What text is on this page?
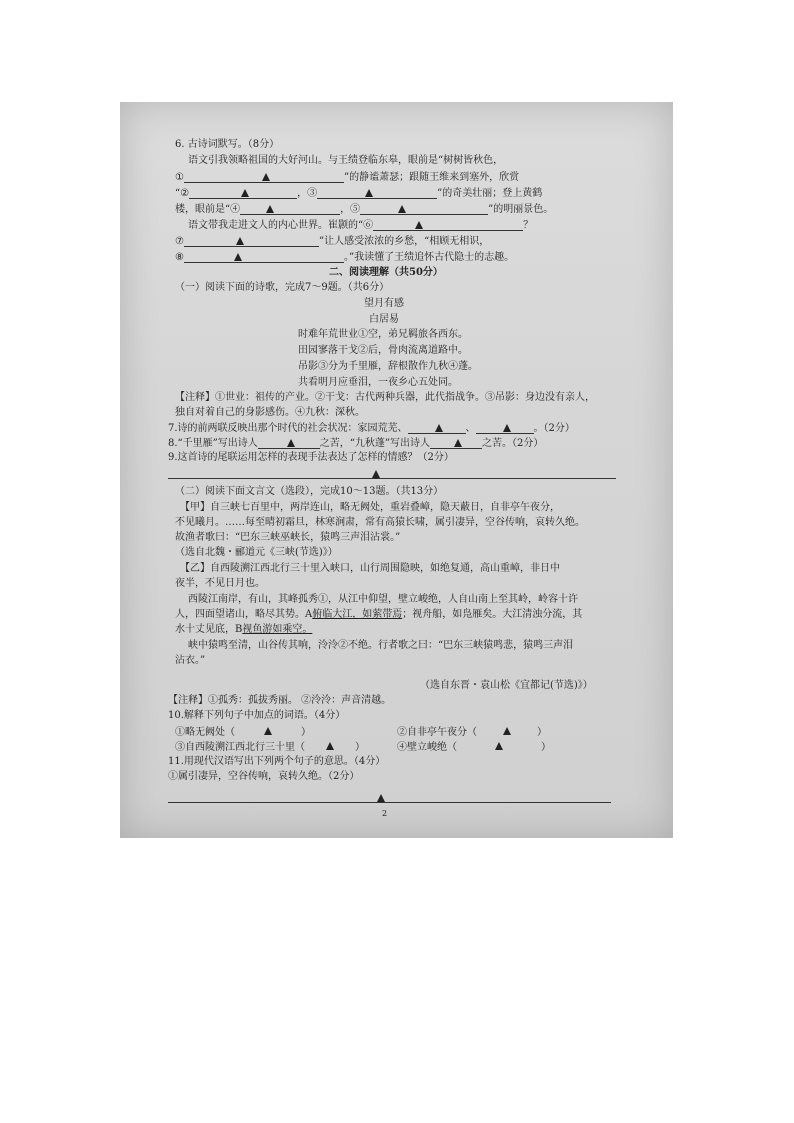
6. 古诗词默写。（8分）
语文引我领略祖国的大好河山。与王绩登临东皋，眼前是“树树皆秋色，
①	”的静谧萧瑟；跟随王维来到塞外，欣赏
“②	，③	”的奇美壮丽；登上黄鹤
楼，眼前是“④	，⑤	”的明丽景色。
语文带我走进文人的内心世界。崔颢的“⑥	？
⑦	”让人感受浓浓的乡愁，“相顾无相识，
⑧	。”我读懂了王绩追怀古代隐士的志趣。
二、阅读理解（共50分）
（一）阅读下面的诗歌，完成7～9题。（共6分）
望月有感
白居易
时难年荒世业①空，弟兄羁旅各西东。
田园寥落干戈②后，骨肉流离道路中。
吊影③分为千里雁，辞根散作九秋④蓬。
共看明月应垂泪，一夜乡心五处同。
【注释】①世业：祖传的产业。②干戈：古代两种兵器，此代指战争。③吊影：身边没有亲人，
独自对着自己的身影感伤。④九秋：深秋。
7.诗的前两联反映出那个时代的社会状况：家园荒芜、	、	。（2分）
8.“千里雁”写出诗人	之苦，“九秋蓬”写出诗人	之苦。（2分）
9.这首诗的尾联运用怎样的表现手法表达了怎样的情感？（2分）
（二）阅读下面文言文（选段），完成10～13题。（共13分）
【甲】自三峡七百里中，两岸连山，略无阙处，重岩叠嶂，隐天蔽日，自非亭午夜分，
不见曦月。……每至晴初霜旦，林寒涧肃，常有高猿长啸，属引凄异，空谷传响，哀转久绝。
故渔者歌曰：“巴东三峡巫峡长，猿鸣三声泪沾裳。”
（选自北魏・郦道元《三峡(节选)》）
【乙】自西陵溯江西北行三十里入峡口，山行周围隐映，如绝复通，高山重嶂，非日中
夜半，不见日月也。
西陵江南岸，有山，其峰孤秀①，从江中仰望，壁立峻绝，人自山南上至其岭，岭容十许
人，四面望诸山，略尽其势。A俯临大江，如萦带焉；视舟船，如凫雁矣。大江清浊分流，其
水十丈见底，B视鱼游如乘空。
峡中猿鸣至清，山谷传其响，泠泠②不绝。行者歌之曰：“巴东三峡猿鸣悲，猿鸣三声泪
沾衣。”
（选自东晋・袁山松《宜都记(节选)》）
【注释】①孤秀：孤拔秀丽。 ②泠泠：声音清越。
10.解释下列句子中加点的词语。（4分）
①略无阙处（	）	②自非亭午夜分（	）
③自西陵溯江西北行三十里（	）	④壁立峻绝（	）
11.用现代汉语写出下列两个句子的意思。（4分）
①属引凄异，空谷传响，哀转久绝。（2分）
2
